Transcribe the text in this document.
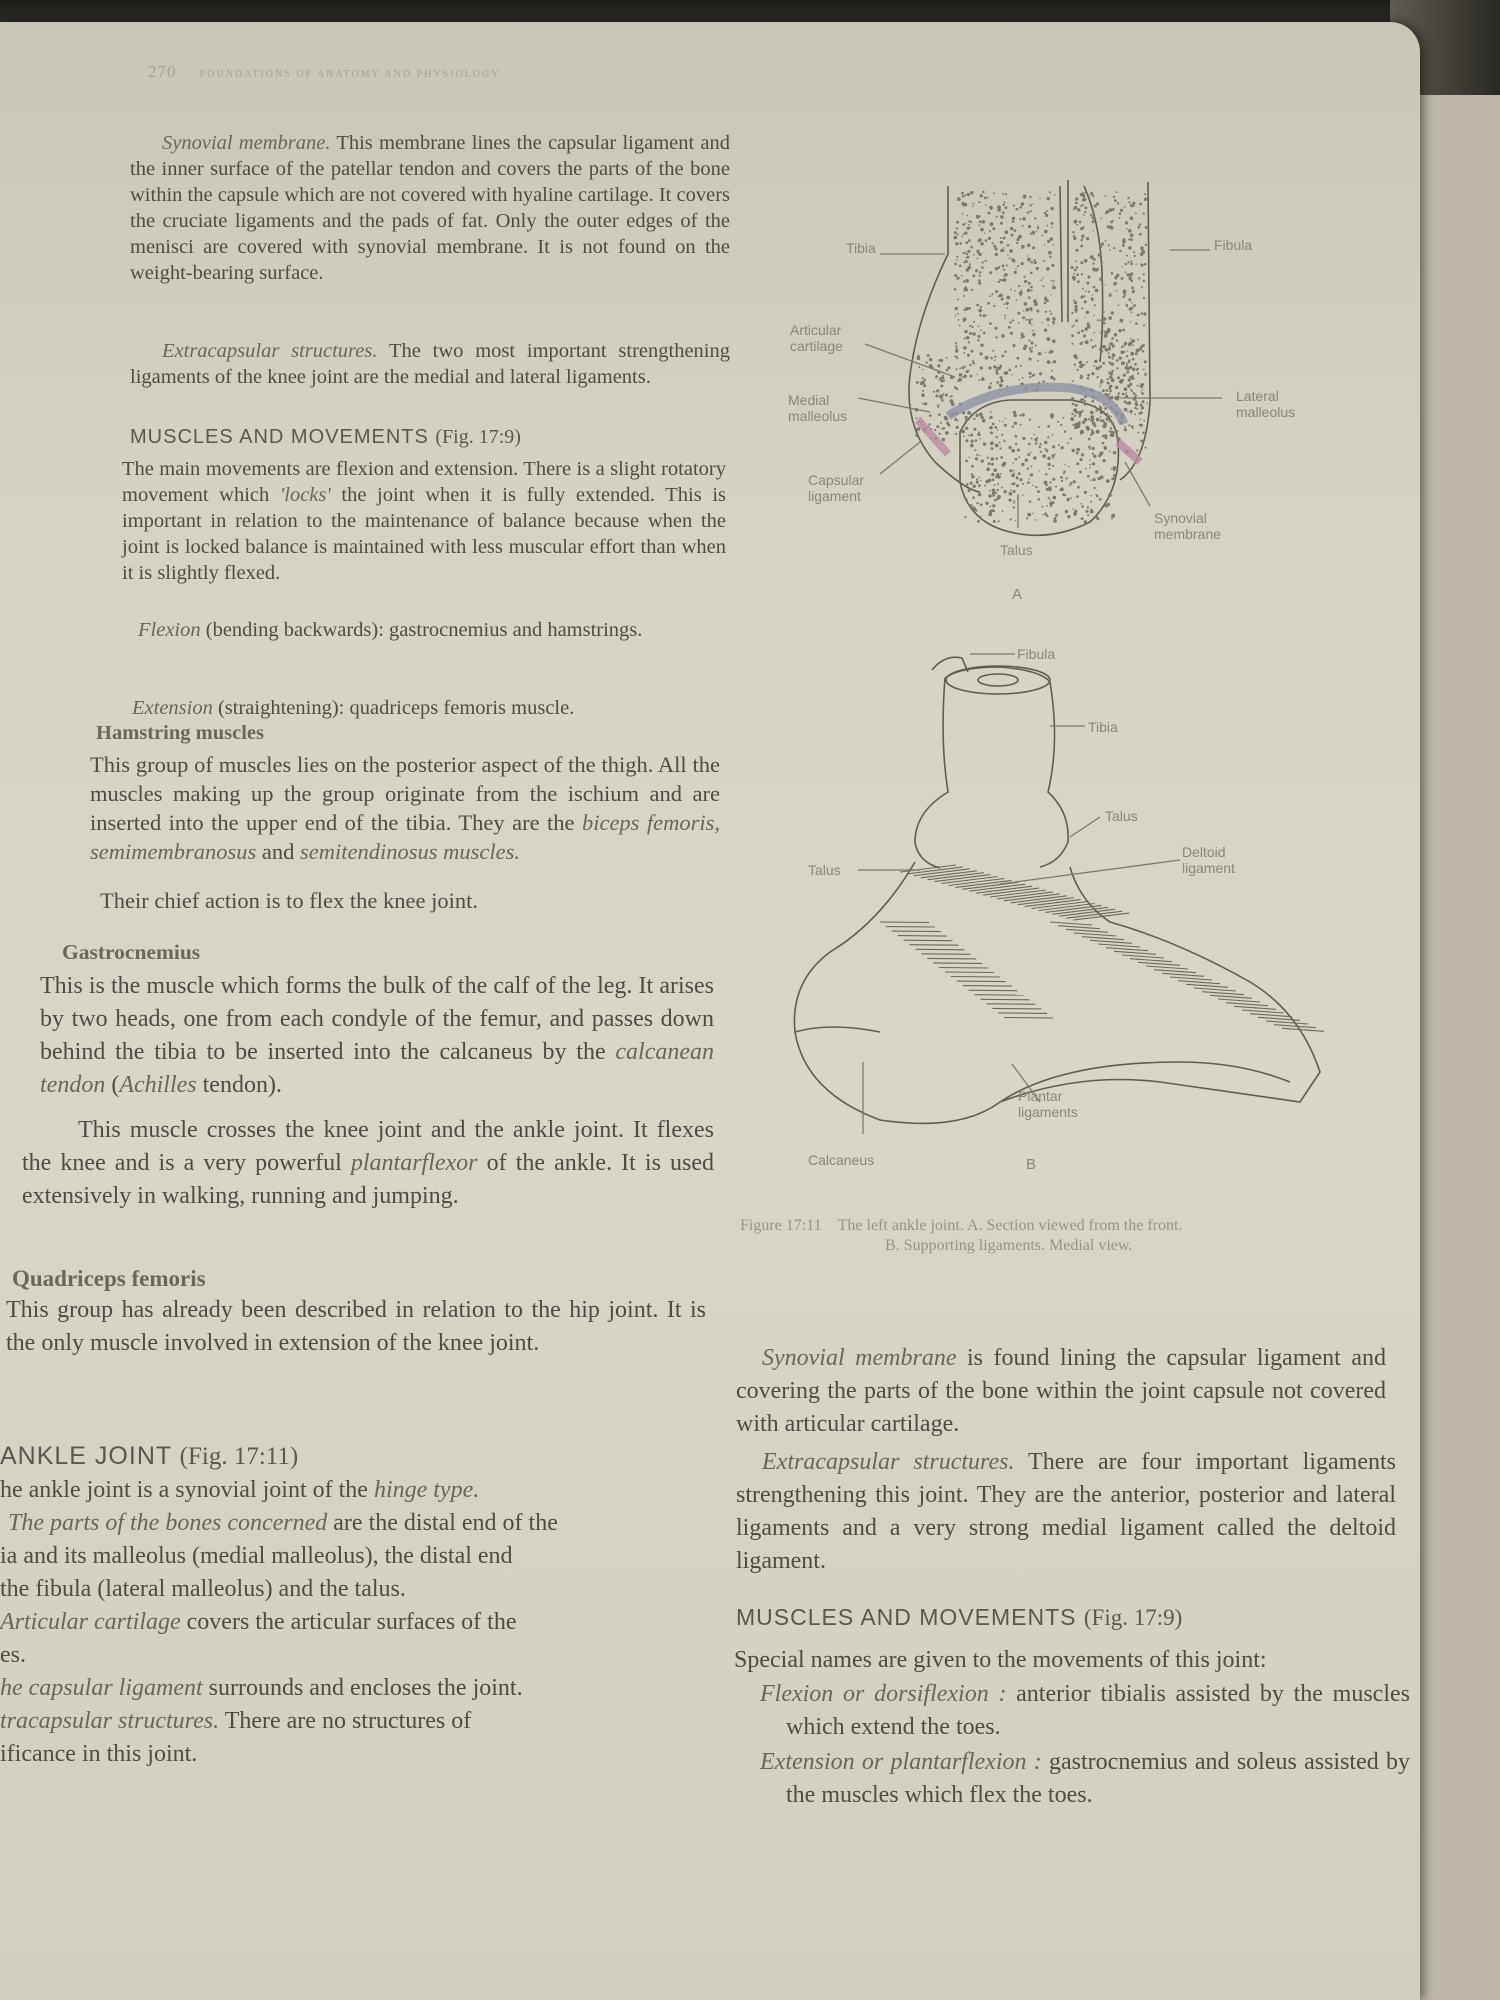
270 FOUNDATIONS OF ANATOMY AND PHYSIOLOGY
Synovial membrane. This membrane lines the capsular ligament and the inner surface of the patellar tendon and covers the parts of the bone within the capsule which are not covered with hyaline cartilage. It covers the cruciate ligaments and the pads of fat. Only the outer edges of the menisci are covered with synovial membrane. It is not found on the weight-bearing surface.
Extracapsular structures. The two most important strengthening ligaments of the knee joint are the medial and lateral ligaments.
MUSCLES AND MOVEMENTS (Fig. 17:9)
The main movements are flexion and extension. There is a slight rotatory movement which 'locks' the joint when it is fully extended. This is important in relation to the maintenance of balance because when the joint is locked balance is maintained with less muscular effort than when it is slightly flexed.
Flexion (bending backwards): gastrocnemius and hamstrings.
Extension (straightening): quadriceps femoris muscle.
Hamstring muscles
This group of muscles lies on the posterior aspect of the thigh. All the muscles making up the group originate from the ischium and are inserted into the upper end of the tibia. They are the biceps femoris, semimembranosus and semitendinosus muscles.
Their chief action is to flex the knee joint.
Gastrocnemius
This is the muscle which forms the bulk of the calf of the leg. It arises by two heads, one from each condyle of the femur, and passes down behind the tibia to be inserted into the calcaneus by the calcanean tendon (Achilles tendon).
This muscle crosses the knee joint and the ankle joint. It flexes the knee and is a very powerful plantarflexor of the ankle. It is used extensively in walking, running and jumping.
Tibia	Fibula
Articular
cartilage
Medial
malleolus
Lateral
malleolus
Capsular
ligament
Synovial
membrane
Talus
A
Fibula
Tibia
Talus
Talus
Deltoid
ligament
Plantar
ligaments
Calcaneus	B
Figure 17:11 The left ankle joint. A. Section viewed from the front.
B. Supporting ligaments. Medial view.
Quadriceps femoris
This group has already been described in relation to the hip joint. It is the only muscle involved in extension of the knee joint.
ANKLE JOINT (Fig. 17:11)
he ankle joint is a synovial joint of the hinge type.
The parts of the bones concerned are the distal end of the
ia and its malleolus (medial malleolus), the distal end
the fibula (lateral malleolus) and the talus.
Articular cartilage covers the articular surfaces of the
es.
he capsular ligament surrounds and encloses the joint.
tracapsular structures. There are no structures of
ificance in this joint.
Synovial membrane is found lining the capsular ligament and covering the parts of the bone within the joint capsule not covered with articular cartilage.
Extracapsular structures. There are four important ligaments strengthening this joint. They are the anterior, posterior and lateral ligaments and a very strong medial ligament called the deltoid ligament.
MUSCLES AND MOVEMENTS (Fig. 17:9)
Special names are given to the movements of this joint:
Flexion or dorsiflexion : anterior tibialis assisted by the muscles which extend the toes.
Extension or plantarflexion : gastrocnemius and soleus assisted by the muscles which flex the toes.
